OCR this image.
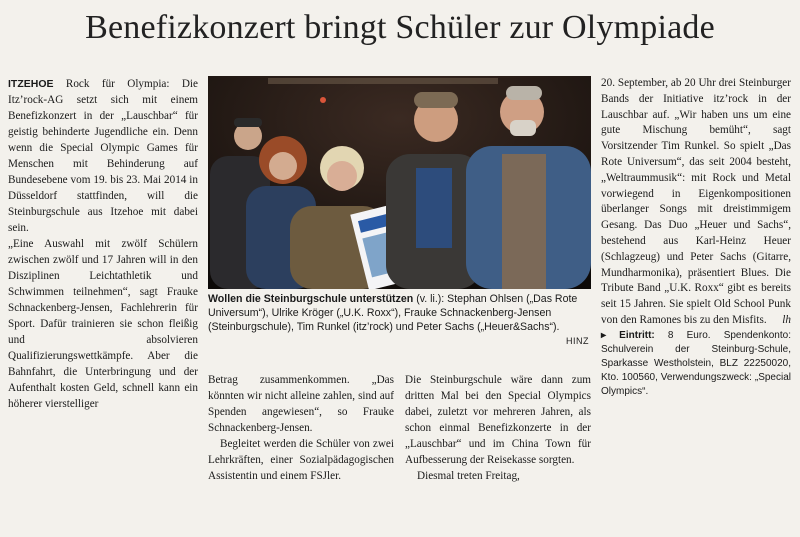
Benefizkonzert bringt Schüler zur Olympiade

ITZEHOE Rock für Olympia: Die Itz’rock-AG setzt sich mit einem Benefizkonzert in der „Lauschbar“ für geistig behinderte Jugendliche ein. Denn wenn die Special Olympic Games für Menschen mit Behinderung auf Bundesebene vom 19. bis 23. Mai 2014 in Düsseldorf stattfinden, will die Steinburgschule aus Itzehoe mit dabei sein.

„Eine Auswahl mit zwölf Schülern zwischen zwölf und 17 Jahren will in den Disziplinen Leichtathletik und Schwimmen teilnehmen“, sagt Frauke Schnackenberg-Jensen, Fachlehrerin für Sport. Dafür trainieren sie schon fleißig und absolvieren Qualifizierungswettkämpfe. Aber die Bahnfahrt, die Unterbringung und der Aufenthalt kosten Geld, schnell kann ein höherer vierstelliger

Wollen die Steinburgschule unterstützen (v. li.): Stephan Ohlsen („Das Rote Universum“), Ulrike Kröger („U.K. Roxx“), Frauke Schnackenberg-Jensen (Steinburgschule), Tim Runkel (itz’rock) und Peter Sachs („Heuer&Sachs“).
HINZ

Betrag zusammenkommen. „Das könnten wir nicht alleine zahlen, sind auf Spenden angewiesen“, so Frauke Schnackenberg-Jensen.

Begleitet werden die Schüler von zwei Lehrkräften, einer Sozialpädagogischen Assistentin und einem FSJler.

Die Steinburgschule wäre dann zum dritten Mal bei den Special Olympics dabei, zuletzt vor mehreren Jahren, als schon einmal Benefizkonzerte in der „Lauschbar“ und im China Town für Aufbesserung der Reisekasse sorgten.

Diesmal treten Freitag,

20. September, ab 20 Uhr drei Steinburger Bands der Initiative itz’rock in der Lauschbar auf. „Wir haben uns um eine gute Mischung bemüht“, sagt Vorsitzender Tim Runkel. So spielt „Das Rote Universum“, das seit 2004 besteht, „Weltraummusik“: mit Rock und Metal vorwiegend in Eigenkompositionen überlanger Songs mit dreistimmigem Gesang. Das Duo „Heuer und Sachs“, bestehend aus Karl-Heinz Heuer (Schlagzeug) und Peter Sachs (Gitarre, Mundharmonika), präsentiert Blues. Die Tribute Band „U.K. Roxx“ gibt es bereits seit 15 Jahren. Sie spielt Old School Punk von den Ramones bis zu den Misfits. lh

▸ Eintritt: 8 Euro. Spendenkonto: Schulverein der Steinburg-Schule, Sparkasse Westholstein, BLZ 22250020, Kto. 100560, Verwendungszweck: „Special Olympics“.
